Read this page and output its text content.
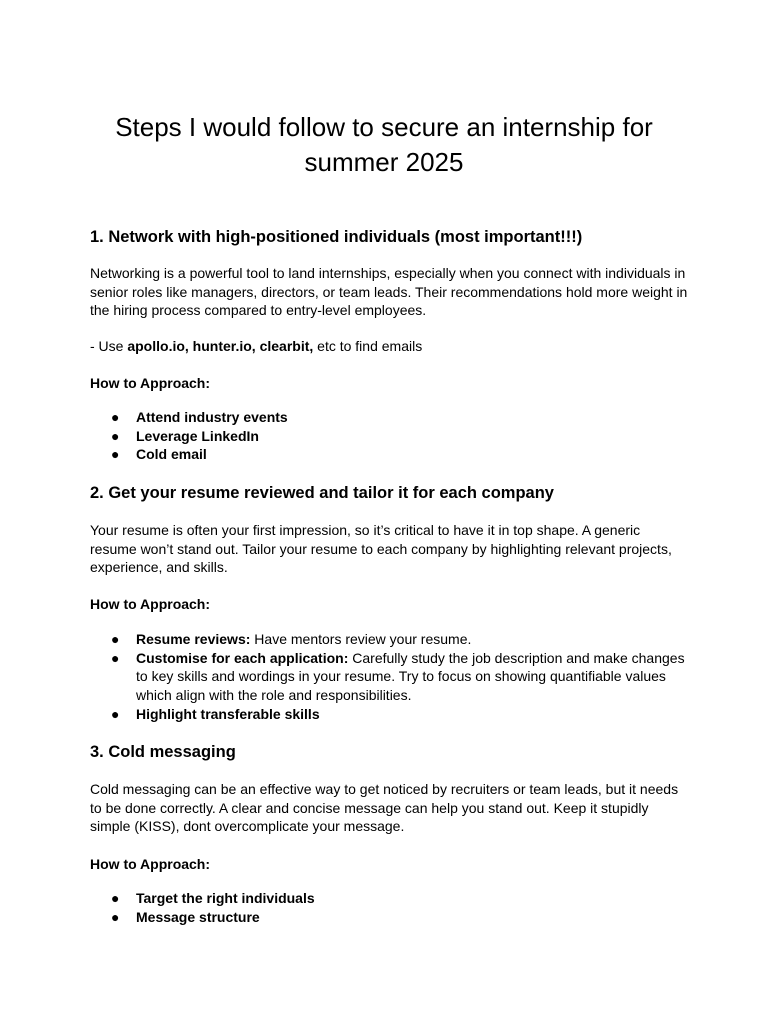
Steps I would follow to secure an internship for
summer 2025
1. Network with high-positioned individuals (most important!!!)
Networking is a powerful tool to land internships, especially when you connect with individuals in senior roles like managers, directors, or team leads. Their recommendations hold more weight in the hiring process compared to entry-level employees.
- Use apollo.io, hunter.io, clearbit, etc to find emails
How to Approach:
● Attend industry events
● Leverage LinkedIn
● Cold email
2. Get your resume reviewed and tailor it for each company
Your resume is often your first impression, so it’s critical to have it in top shape. A generic resume won’t stand out. Tailor your resume to each company by highlighting relevant projects, experience, and skills.
How to Approach:
● Resume reviews: Have mentors review your resume.
● Customise for each application: Carefully study the job description and make changes to key skills and wordings in your resume. Try to focus on showing quantifiable values which align with the role and responsibilities.
● Highlight transferable skills
3. Cold messaging
Cold messaging can be an effective way to get noticed by recruiters or team leads, but it needs to be done correctly. A clear and concise message can help you stand out. Keep it stupidly simple (KISS), dont overcomplicate your message.
How to Approach:
● Target the right individuals
● Message structure
